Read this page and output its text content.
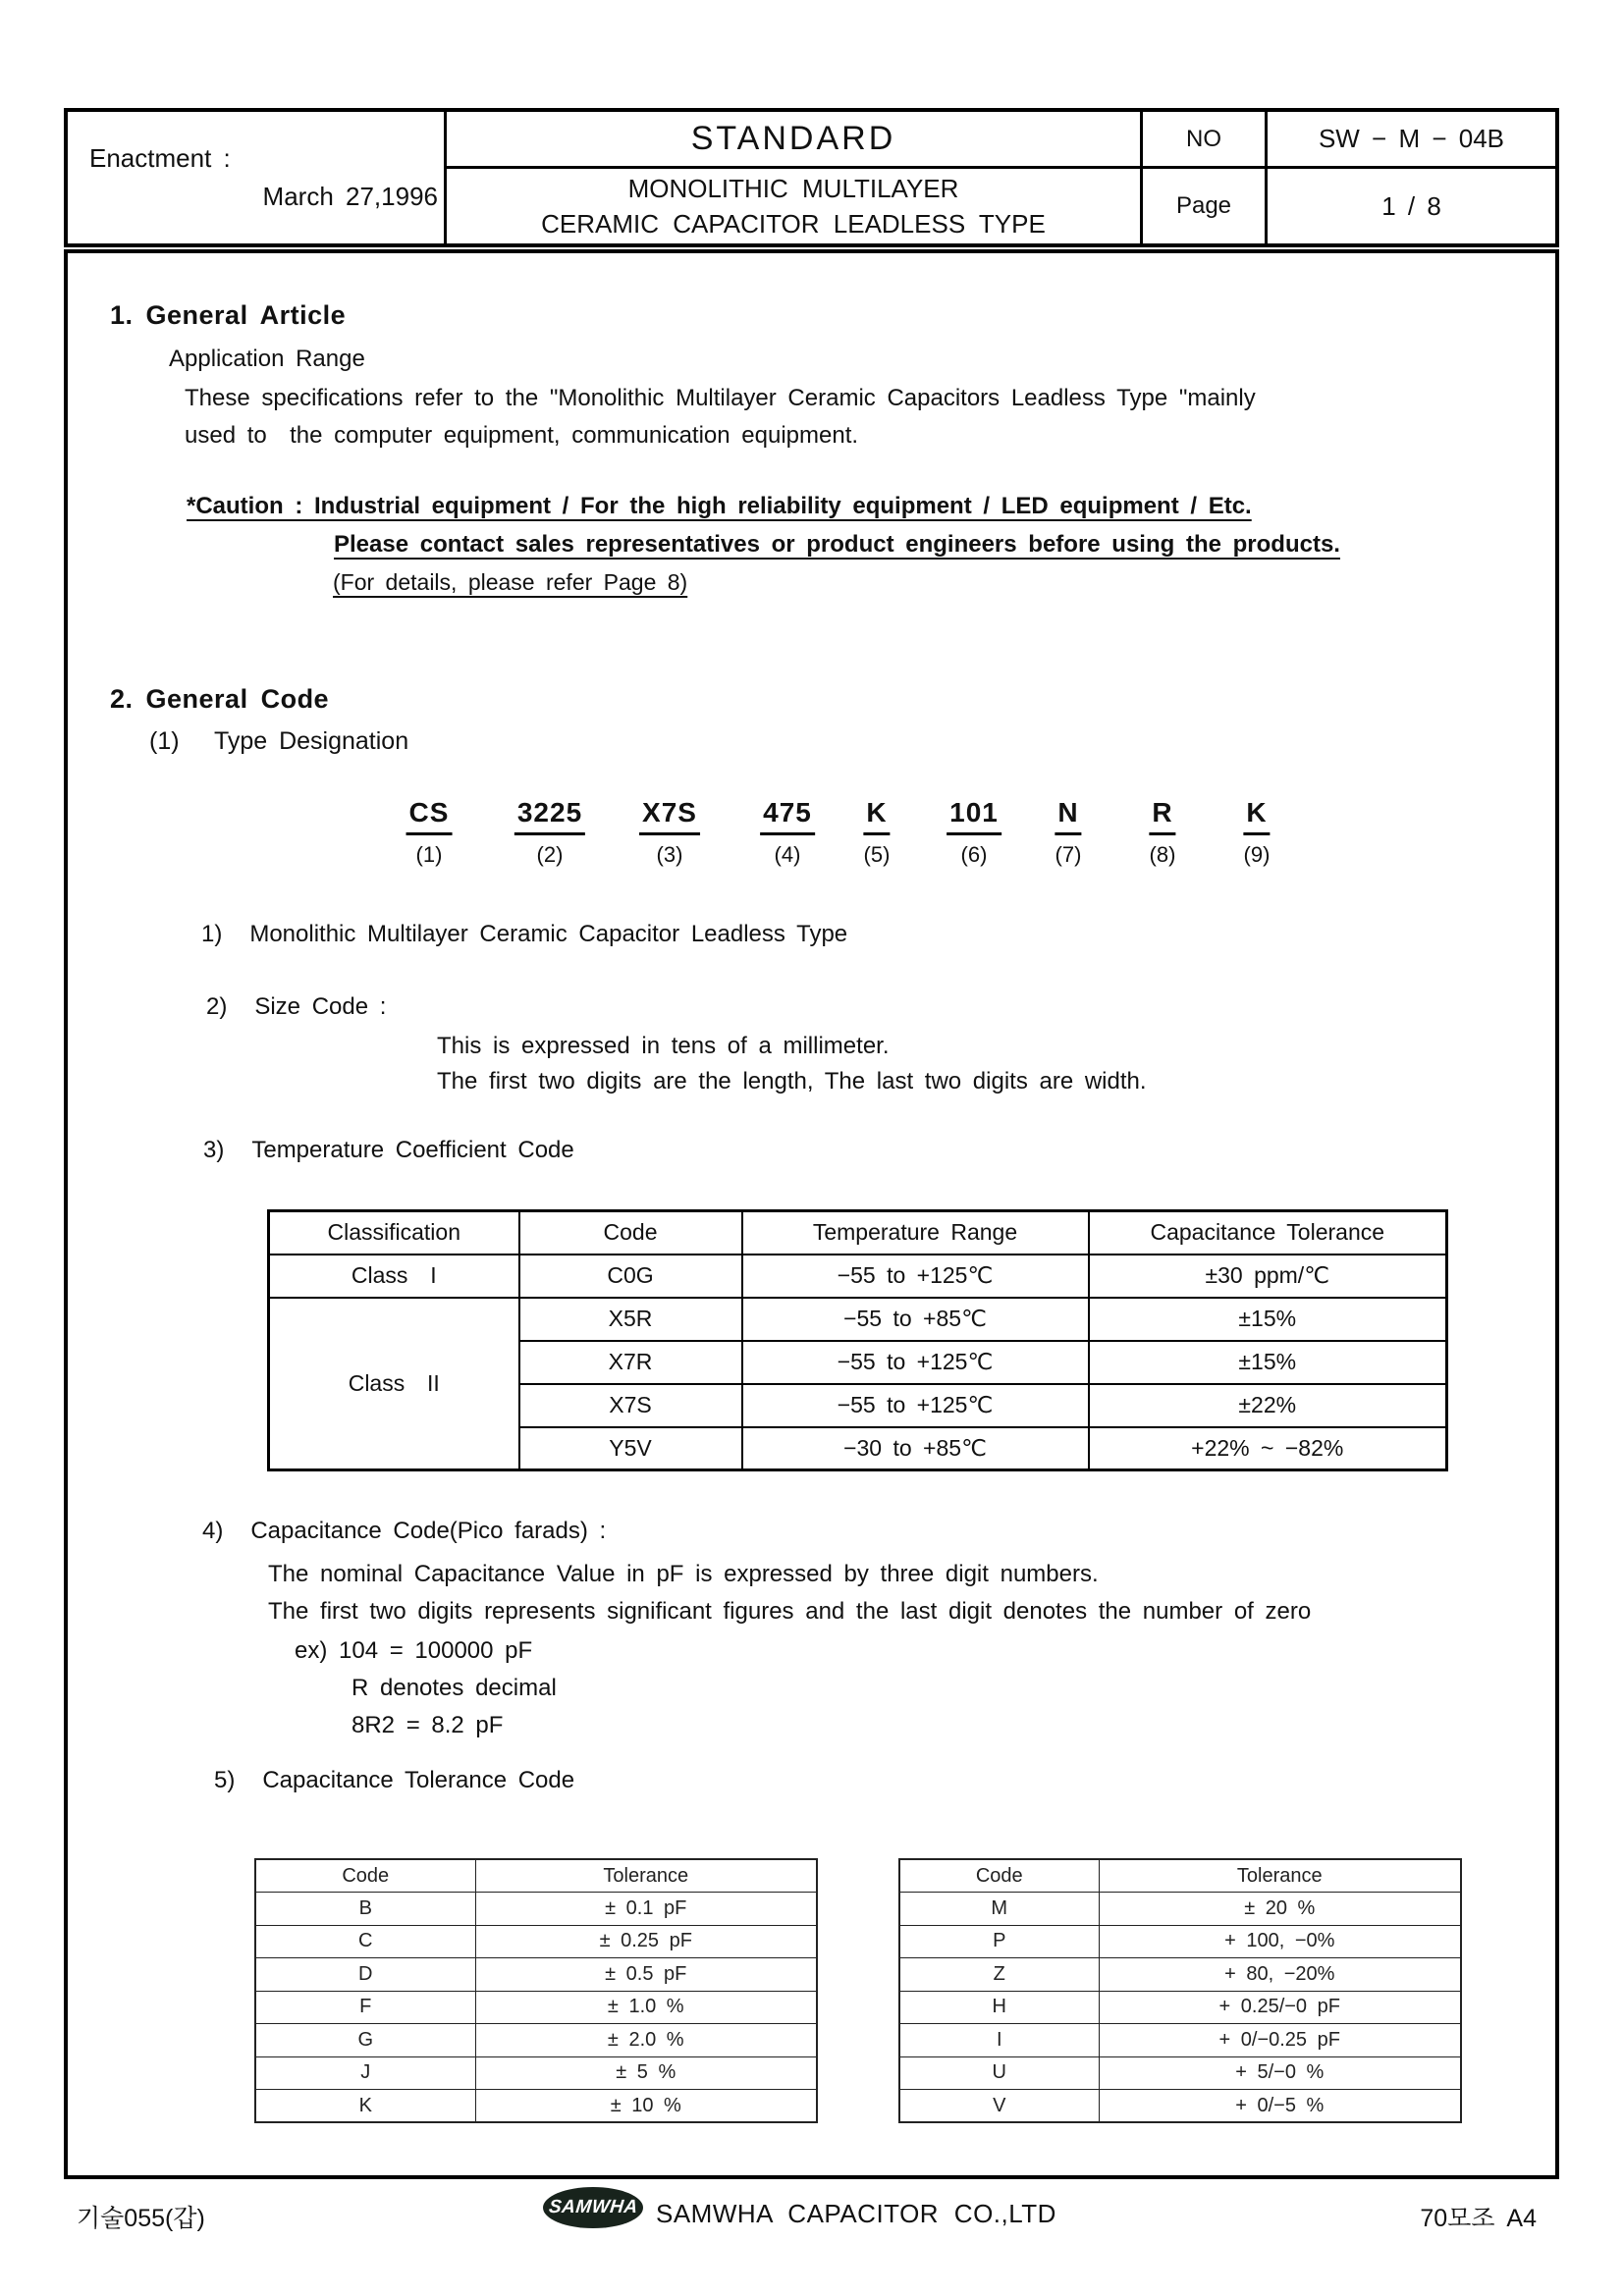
Enactment :
March 27,1996
STANDARD
MONOLITHIC MULTILAYER
CERAMIC CAPACITOR LEADLESS TYPE
NO	SW − M − 04B
Page	1 / 8
1. General Article
Application Range
These specifications refer to the "Monolithic Multilayer Ceramic Capacitors Leadless Type "mainly
used to  the computer equipment, communication equipment.
*Caution : Industrial equipment / For the high reliability equipment / LED equipment / Etc.
Please contact sales representatives or product engineers before using the products.
(For details, please refer Page 8)
2. General Code
(1)   Type Designation
CS
(1)
3225
(2)
X7S
(3)
475
(4)
K
(5)
101
(6)
N
(7)
R
(8)
K
(9)
1) Monolithic Multilayer Ceramic Capacitor Leadless Type
2) Size Code :
This is expressed in tens of a millimeter.
The first two digits are the length, The last two digits are width.
3) Temperature Coefficient Code
Classification	Code	Temperature Range	Capacitance Tolerance
Class  I	C0G	−55 to +125℃	±30 ppm/℃
Class  II	X5R	−55 to +85℃	±15%
	X7R	−55 to +125℃	±15%
	X7S	−55 to +125℃	±22%
	Y5V	−30 to +85℃	+22% ~ −82%
4) Capacitance Code(Pico farads) :
The nominal Capacitance Value in pF is expressed by three digit numbers.
The first two digits represents significant figures and the last digit denotes the number of zero
ex) 104 = 100000 pF
R denotes decimal
8R2 = 8.2 pF
5) Capacitance Tolerance Code
Code	Tolerance
B	± 0.1 pF
C	± 0.25 pF
D	± 0.5 pF
F	± 1.0 %
G	± 2.0 %
J	± 5 %
K	± 10 %
Code	Tolerance
M	± 20 %
P	+ 100, −0%
Z	+ 80, −20%
H	+ 0.25/−0 pF
I	+ 0/−0.25 pF
U	+ 5/−0 %
V	+ 0/−5 %
기술055(갑)	SAMWHA SAMWHA CAPACITOR CO.,LTD	70모조 A4
